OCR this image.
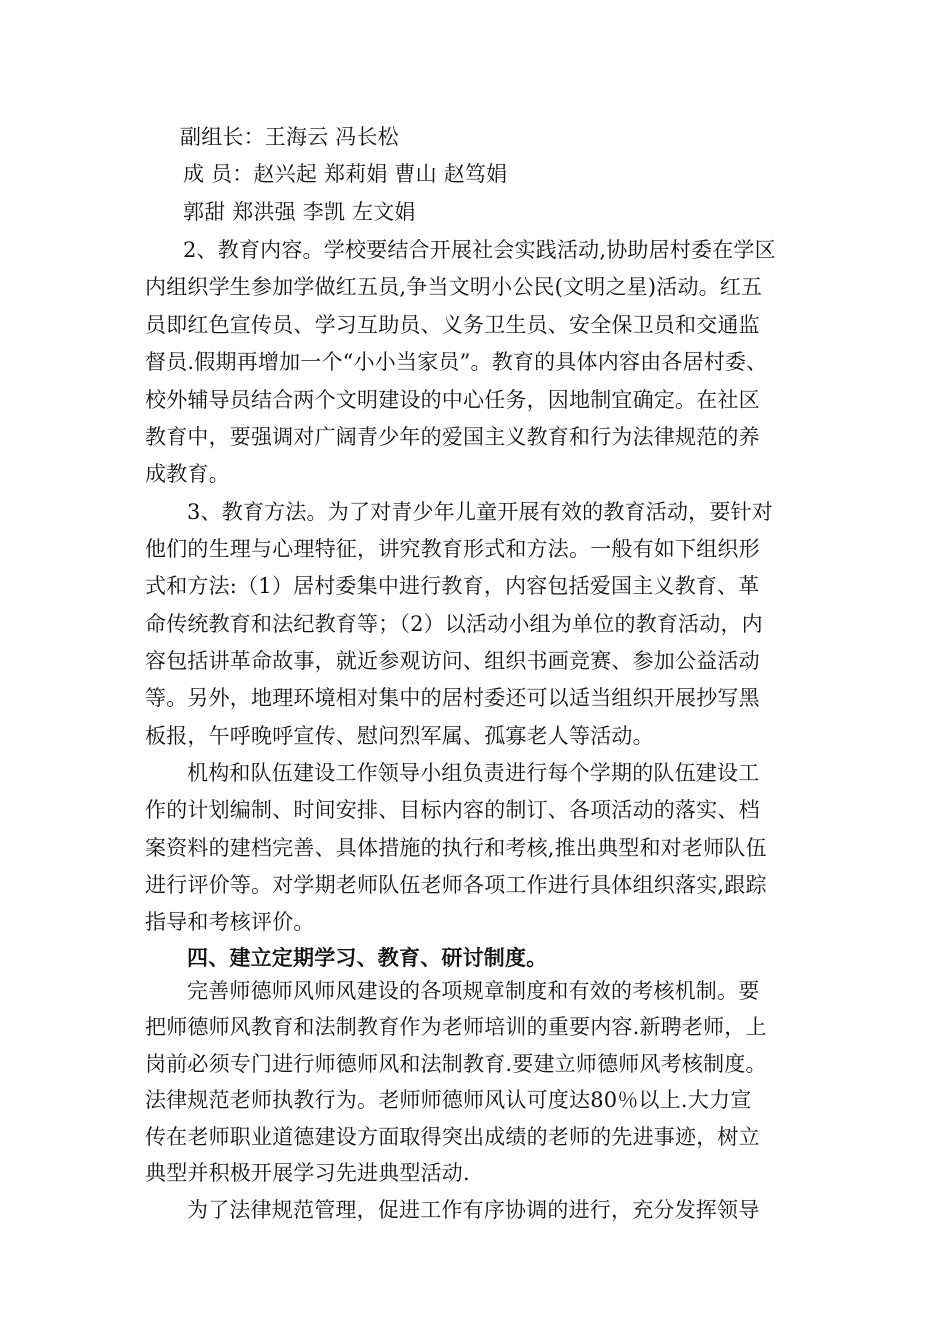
副组长：王海云 冯长松
成 员：赵兴起 郑莉娟 曹山 赵笃娟
郭甜 郑洪强 李凯 左文娟
2、教育内容。学校要结合开展社会实践活动,协助居村委在学区
内组织学生参加学做红五员,争当文明小公民(文明之星)活动。红五
员即红色宣传员、学习互助员、义务卫生员、安全保卫员和交通监
督员.假期再增加一个“小小当家员”。教育的具体内容由各居村委、
校外辅导员结合两个文明建设的中心任务，因地制宜确定。在社区
教育中，要强调对广阔青少年的爱国主义教育和行为法律规范的养
成教育。
3、教育方法。为了对青少年儿童开展有效的教育活动，要针对
他们的生理与心理特征，讲究教育形式和方法。一般有如下组织形
式和方法:（1）居村委集中进行教育，内容包括爱国主义教育、革
命传统教育和法纪教育等；（2）以活动小组为单位的教育活动，内
容包括讲革命故事，就近参观访问、组织书画竞赛、参加公益活动
等。另外，地理环境相对集中的居村委还可以适当组织开展抄写黑
板报，午呼晚呼宣传、慰问烈军属、孤寡老人等活动。
机构和队伍建设工作领导小组负责进行每个学期的队伍建设工
作的计划编制、时间安排、目标内容的制订、各项活动的落实、档
案资料的建档完善、具体措施的执行和考核,推出典型和对老师队伍
进行评价等。对学期老师队伍老师各项工作进行具体组织落实,跟踪
指导和考核评价。
四、建立定期学习、教育、研讨制度。
完善师德师风师风建设的各项规章制度和有效的考核机制。要
把师德师风教育和法制教育作为老师培训的重要内容.新聘老师，上
岗前必须专门进行师德师风和法制教育.要建立师德师风考核制度。
法律规范老师执教行为。老师师德师风认可度达80％以上.大力宣
传在老师职业道德建设方面取得突出成绩的老师的先进事迹，树立
典型并积极开展学习先进典型活动.
为了法律规范管理，促进工作有序协调的进行，充分发挥领导
